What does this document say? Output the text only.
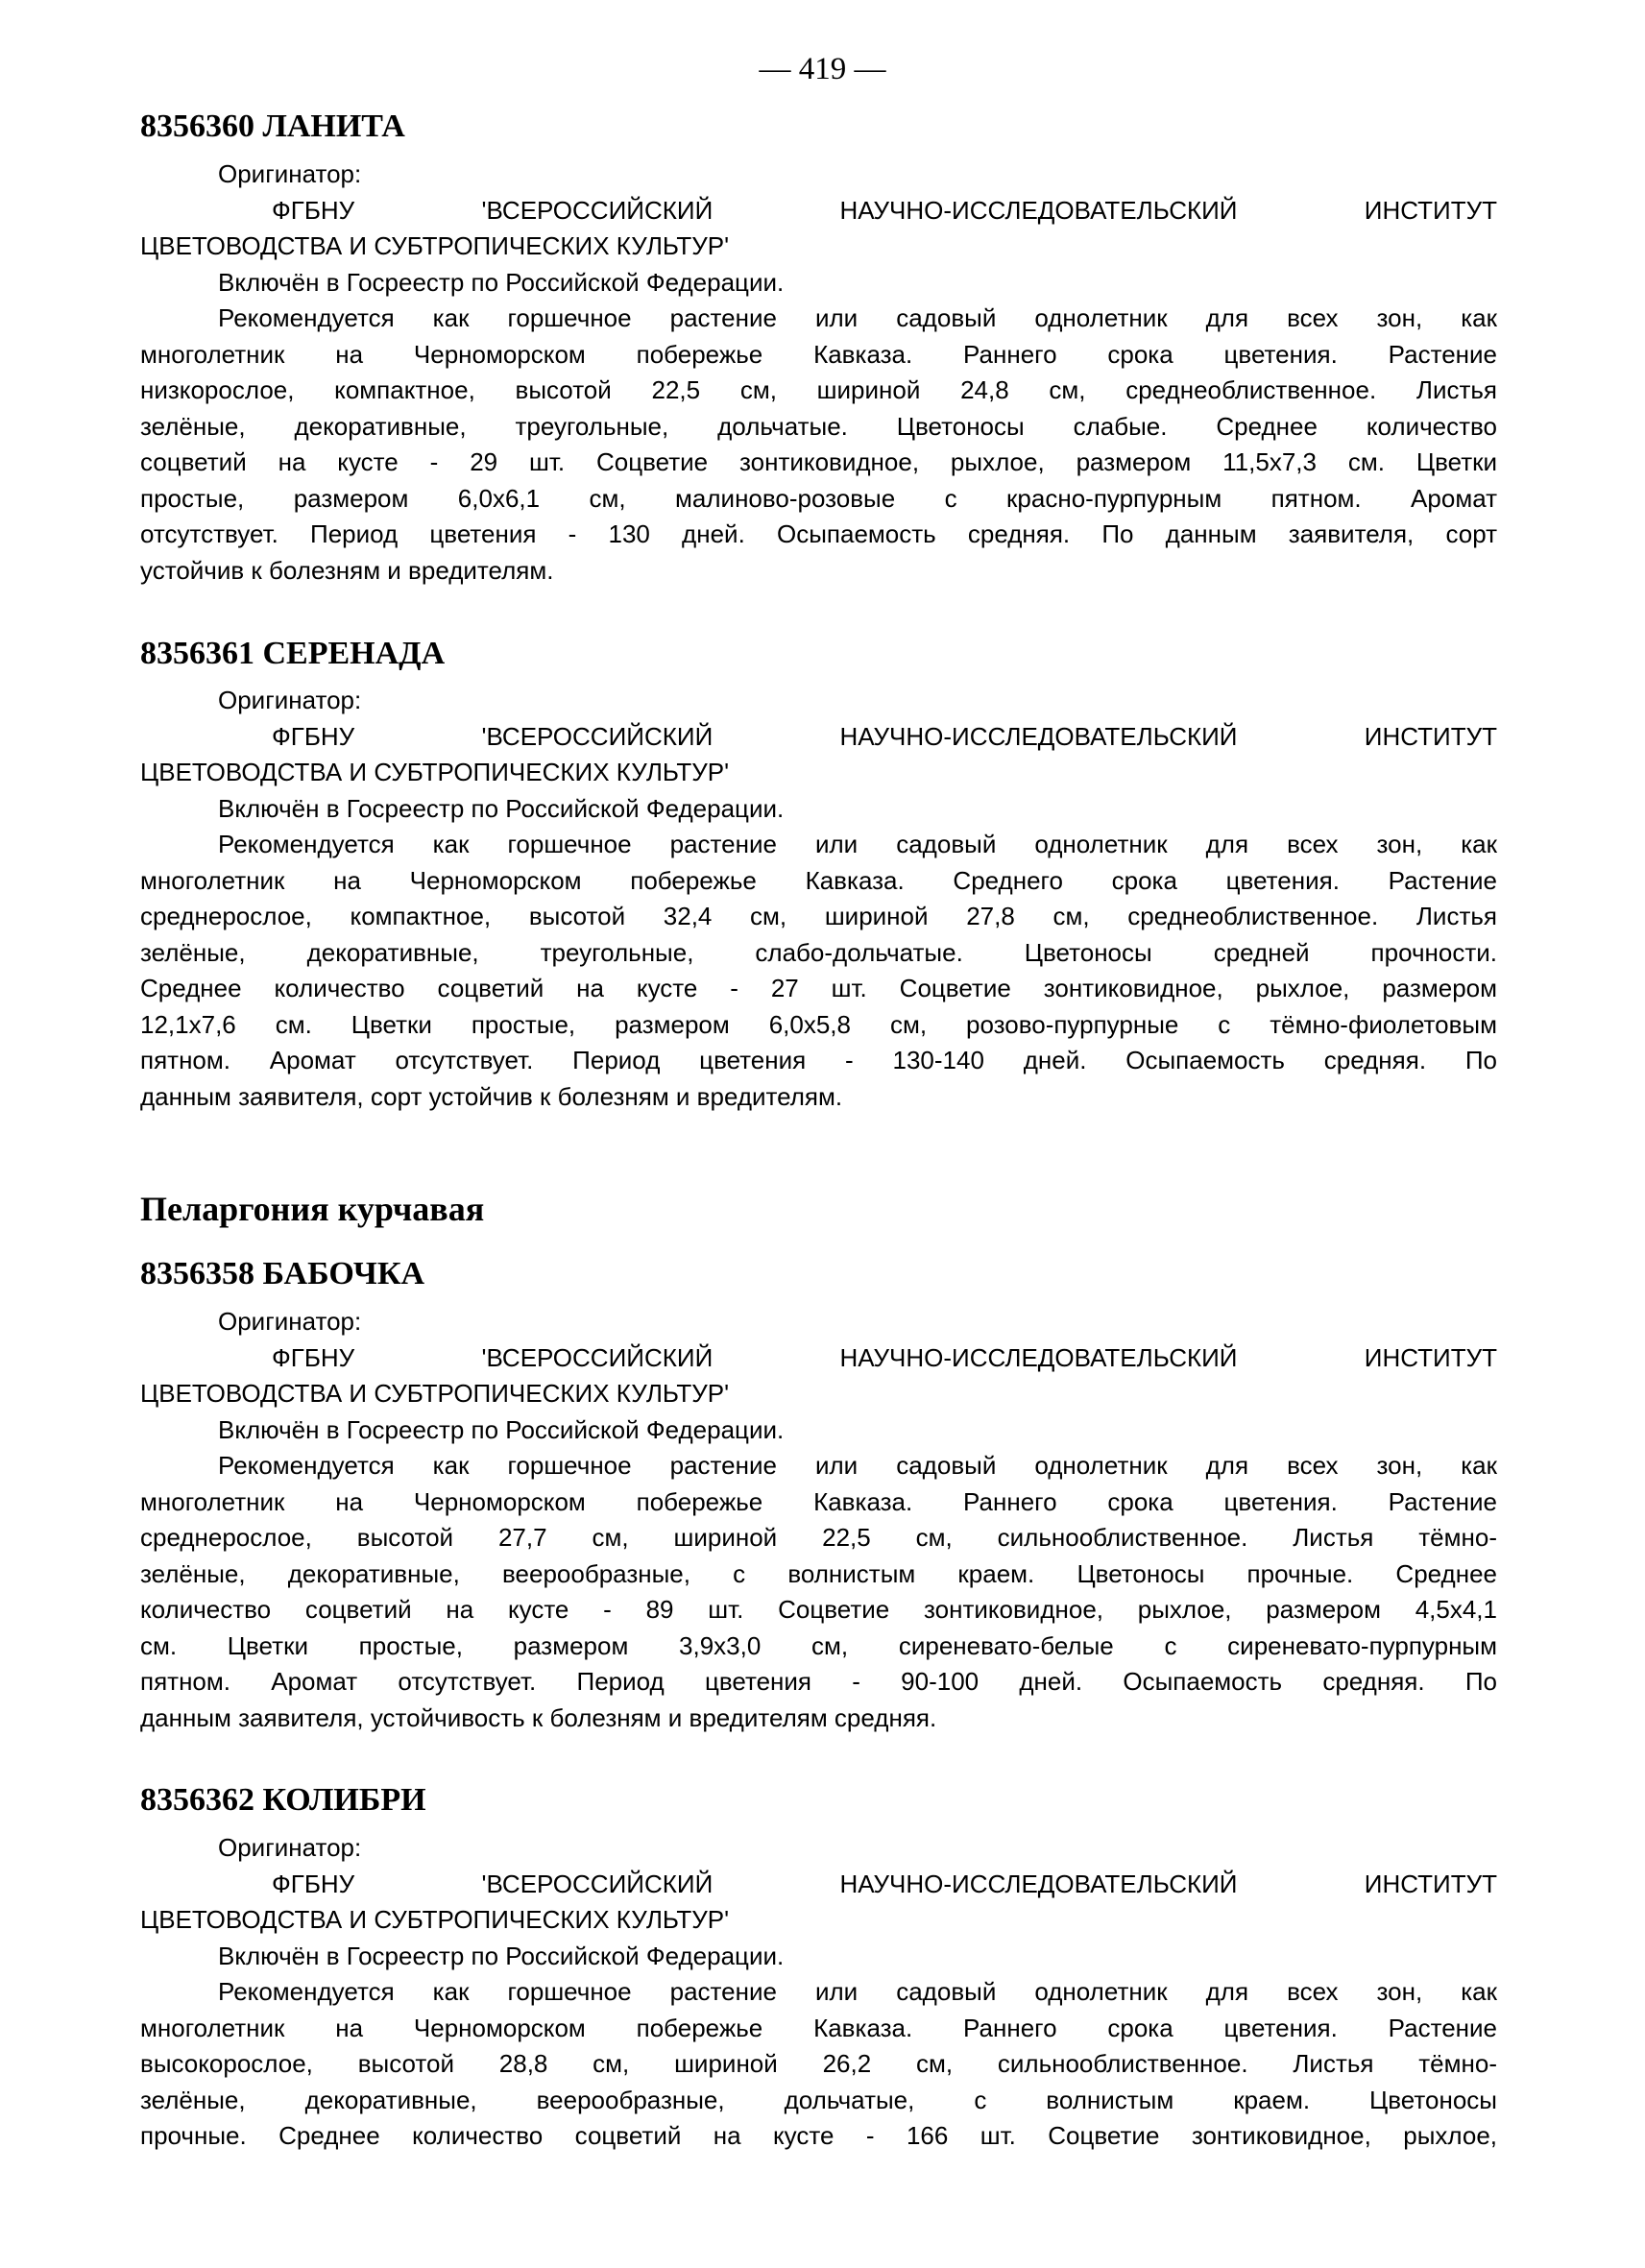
— 419 —
8356360 ЛАНИТА
Оригинатор:
ФГБНУ 'ВСЕРОССИЙСКИЙ НАУЧНО-ИССЛЕДОВАТЕЛЬСКИЙ ИНСТИТУТ
ЦВЕТОВОДСТВА И СУБТРОПИЧЕСКИХ КУЛЬТУР'
Включён в Госреестр по Российской Федерации.
Рекомендуется как горшечное растение или садовый однолетник для всех зон, как
многолетник на Черноморском побережье Кавказа. Раннего срока цветения. Растение
низкорослое, компактное, высотой 22,5 см, шириной 24,8 см, среднеоблиственное. Листья
зелёные, декоративные, треугольные, дольчатые. Цветоносы слабые. Среднее количество
соцветий на кусте - 29 шт. Соцветие зонтиковидное, рыхлое, размером 11,5х7,3 см. Цветки
простые, размером 6,0х6,1 см, малиново-розовые с красно-пурпурным пятном. Аромат
отсутствует. Период цветения - 130 дней. Осыпаемость средняя. По данным заявителя, сорт
устойчив к болезням и вредителям.
8356361 СЕРЕНАДА
Оригинатор:
ФГБНУ 'ВСЕРОССИЙСКИЙ НАУЧНО-ИССЛЕДОВАТЕЛЬСКИЙ ИНСТИТУТ
ЦВЕТОВОДСТВА И СУБТРОПИЧЕСКИХ КУЛЬТУР'
Включён в Госреестр по Российской Федерации.
Рекомендуется как горшечное растение или садовый однолетник для всех зон, как
многолетник на Черноморском побережье Кавказа. Среднего срока цветения. Растение
среднерослое, компактное, высотой 32,4 см, шириной 27,8 см, среднеоблиственное. Листья
зелёные, декоративные, треугольные, слабо-дольчатые. Цветоносы средней прочности.
Среднее количество соцветий на кусте - 27 шт. Соцветие зонтиковидное, рыхлое, размером
12,1х7,6 см. Цветки простые, размером 6,0х5,8 см, розово-пурпурные с тёмно-фиолетовым
пятном. Аромат отсутствует. Период цветения - 130-140 дней. Осыпаемость средняя. По
данным заявителя, сорт устойчив к болезням и вредителям.
Пеларгония курчавая
8356358 БАБОЧКА
Оригинатор:
ФГБНУ 'ВСЕРОССИЙСКИЙ НАУЧНО-ИССЛЕДОВАТЕЛЬСКИЙ ИНСТИТУТ
ЦВЕТОВОДСТВА И СУБТРОПИЧЕСКИХ КУЛЬТУР'
Включён в Госреестр по Российской Федерации.
Рекомендуется как горшечное растение или садовый однолетник для всех зон, как
многолетник на Черноморском побережье Кавказа. Раннего срока цветения. Растение
среднерослое, высотой 27,7 см, шириной 22,5 см, сильнооблиственное. Листья тёмно-
зелёные, декоративные, веерообразные, с волнистым краем. Цветоносы прочные. Среднее
количество соцветий на кусте - 89 шт. Соцветие зонтиковидное, рыхлое, размером 4,5х4,1
см. Цветки простые, размером 3,9х3,0 см, сиреневато-белые с сиреневато-пурпурным
пятном. Аромат отсутствует. Период цветения - 90-100 дней. Осыпаемость средняя. По
данным заявителя, устойчивость к болезням и вредителям средняя.
8356362 КОЛИБРИ
Оригинатор:
ФГБНУ 'ВСЕРОССИЙСКИЙ НАУЧНО-ИССЛЕДОВАТЕЛЬСКИЙ ИНСТИТУТ
ЦВЕТОВОДСТВА И СУБТРОПИЧЕСКИХ КУЛЬТУР'
Включён в Госреестр по Российской Федерации.
Рекомендуется как горшечное растение или садовый однолетник для всех зон, как
многолетник на Черноморском побережье Кавказа. Раннего срока цветения. Растение
высокорослое, высотой 28,8 см, шириной 26,2 см, сильнооблиственное. Листья тёмно-
зелёные, декоративные, веерообразные, дольчатые, с волнистым краем. Цветоносы
прочные. Среднее количество соцветий на кусте - 166 шт. Соцветие зонтиковидное, рыхлое,
